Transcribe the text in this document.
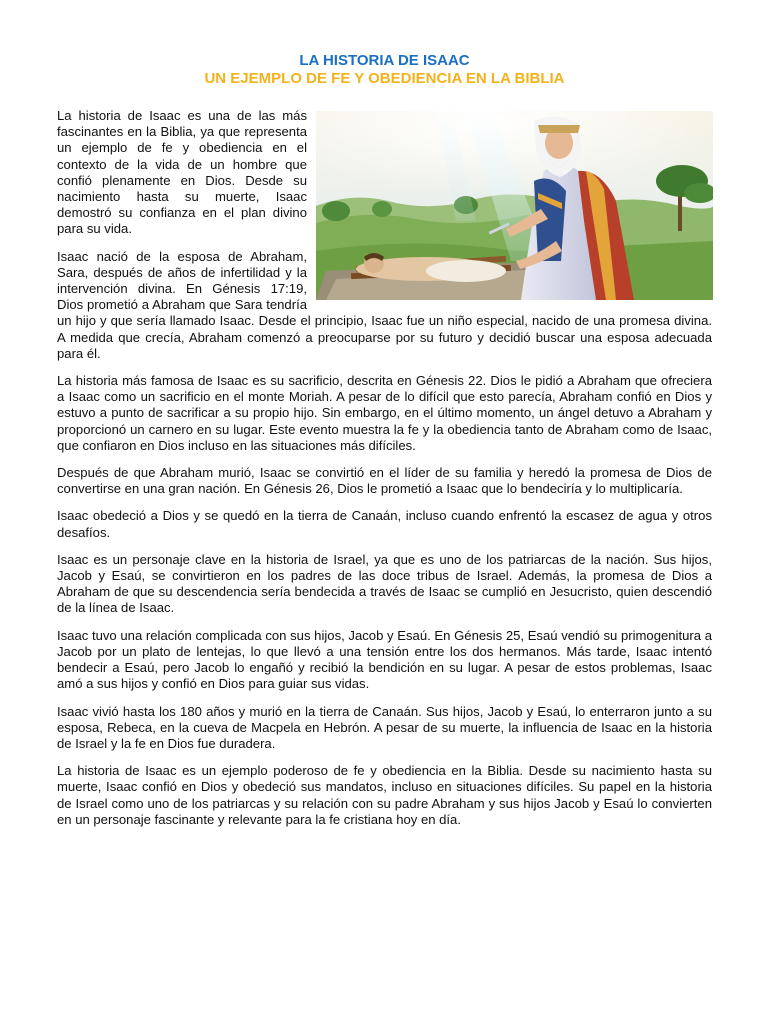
LA HISTORIA DE ISAAC
UN EJEMPLO DE FE Y OBEDIENCIA EN LA BIBLIA

La historia de Isaac es una de las más fascinantes en la Biblia, ya que representa un ejemplo de fe y obediencia en el contexto de la vida de un hombre que confió plenamente en Dios. Desde su nacimiento hasta su muerte, Isaac demostró su confianza en el plan divino para su vida.

Isaac nació de la esposa de Abraham, Sara, después de años de infertilidad y la intervención divina. En Génesis 17:19, Dios prometió a Abraham que Sara tendría un hijo y que sería llamado Isaac. Desde el principio, Isaac fue un niño especial, nacido de una promesa divina. A medida que crecía, Abraham comenzó a preocuparse por su futuro y decidió buscar una esposa adecuada para él.

La historia más famosa de Isaac es su sacrificio, descrita en Génesis 22. Dios le pidió a Abraham que ofreciera a Isaac como un sacrificio en el monte Moriah. A pesar de lo difícil que esto parecía, Abraham confió en Dios y estuvo a punto de sacrificar a su propio hijo. Sin embargo, en el último momento, un ángel detuvo a Abraham y proporcionó un carnero en su lugar. Este evento muestra la fe y la obediencia tanto de Abraham como de Isaac, que confiaron en Dios incluso en las situaciones más difíciles.

Después de que Abraham murió, Isaac se convirtió en el líder de su familia y heredó la promesa de Dios de convertirse en una gran nación. En Génesis 26, Dios le prometió a Isaac que lo bendeciría y lo multiplicaría.

Isaac obedeció a Dios y se quedó en la tierra de Canaán, incluso cuando enfrentó la escasez de agua y otros desafíos.

Isaac es un personaje clave en la historia de Israel, ya que es uno de los patriarcas de la nación. Sus hijos, Jacob y Esaú, se convirtieron en los padres de las doce tribus de Israel. Además, la promesa de Dios a Abraham de que su descendencia sería bendecida a través de Isaac se cumplió en Jesucristo, quien descendió de la línea de Isaac.

Isaac tuvo una relación complicada con sus hijos, Jacob y Esaú. En Génesis 25, Esaú vendió su primogenitura a Jacob por un plato de lentejas, lo que llevó a una tensión entre los dos hermanos. Más tarde, Isaac intentó bendecir a Esaú, pero Jacob lo engañó y recibió la bendición en su lugar. A pesar de estos problemas, Isaac amó a sus hijos y confió en Dios para guiar sus vidas.

Isaac vivió hasta los 180 años y murió en la tierra de Canaán. Sus hijos, Jacob y Esaú, lo enterraron junto a su esposa, Rebeca, en la cueva de Macpela en Hebrón. A pesar de su muerte, la influencia de Isaac en la historia de Israel y la fe en Dios fue duradera.

La historia de Isaac es un ejemplo poderoso de fe y obediencia en la Biblia. Desde su nacimiento hasta su muerte, Isaac confió en Dios y obedeció sus mandatos, incluso en situaciones difíciles. Su papel en la historia de Israel como uno de los patriarcas y su relación con su padre Abraham y sus hijos Jacob y Esaú lo convierten en un personaje fascinante y relevante para la fe cristiana hoy en día.
